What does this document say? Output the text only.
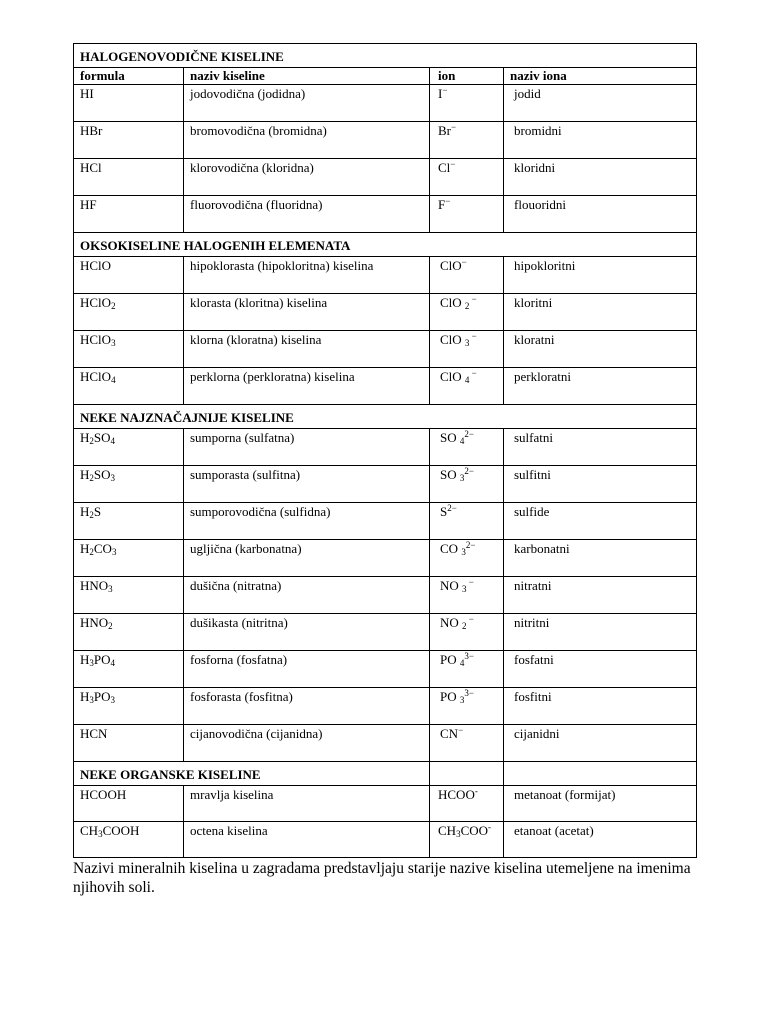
HALOGENOVODIČNE KISELINE			
formula	naziv kiseline	ion	naziv iona
HI	jodovodična (jodidna)	I−	jodid
HBr	bromovodična (bromidna)	Br−	bromidni
HCl	klorovodična (kloridna)	Cl−	kloridni
HF	fluorovodična (fluoridna)	F−	flouoridni
OKSOKISELINE HALOGENIH ELEMENATA			
HClO	hipoklorasta (hipokloritna) kiselina	ClO−	hipokloritni
HClO$_2$	klorasta (kloritna) kiselina	ClO $_2$ −	kloritni
HClO$_3$	klorna (kloratna) kiselina	ClO $_3$ −	kloratni
HClO$_4$	perklorna (perkloratna) kiselina	ClO $_4$ −	perkloratni
NEKE NAJZNAČAJNIJE KISELINE			
$H_2SO_4$	sumporna (sulfatna)	SO $_4^{2-}$	sulfatni
$H_2SO_3$	sumporasta (sulfitna)	SO $_3^{2-}$	sulfitni
$H_2S$	sumporovodična (sulfidna)	$S^{2-}$	sulfide
$H_2CO_3$	ugljična (karbonatna)	CO $_3^{2-}$	karbonatni
$HNO_3$	dušična (nitratna)	NO $_3$ −	nitratni
$HNO_2$	dušikasta (nitritna)	NO $_2$ −	nitritni
$H_3PO_4$	fosforna (fosfatna)	PO $_4^{3-}$	fosfatni
$H_3PO_3$	fosforasta (fosfitna)	PO $_3^{3-}$	fosfitni
HCN	cijanovodična (cijanidna)	CN−	cijanidni
NEKE ORGANSKE KISELINE			
HCOOH	mravlja kiselina	HCOO-	metanoat (formijat)
$CH_3COOH$	octena kiselina	$CH_3COO^-$	etanoat (acetat)

Nazivi mineralnih kiselina u zagradama predstavljaju starije nazive kiselina utemeljene na imenima njihovih soli.
